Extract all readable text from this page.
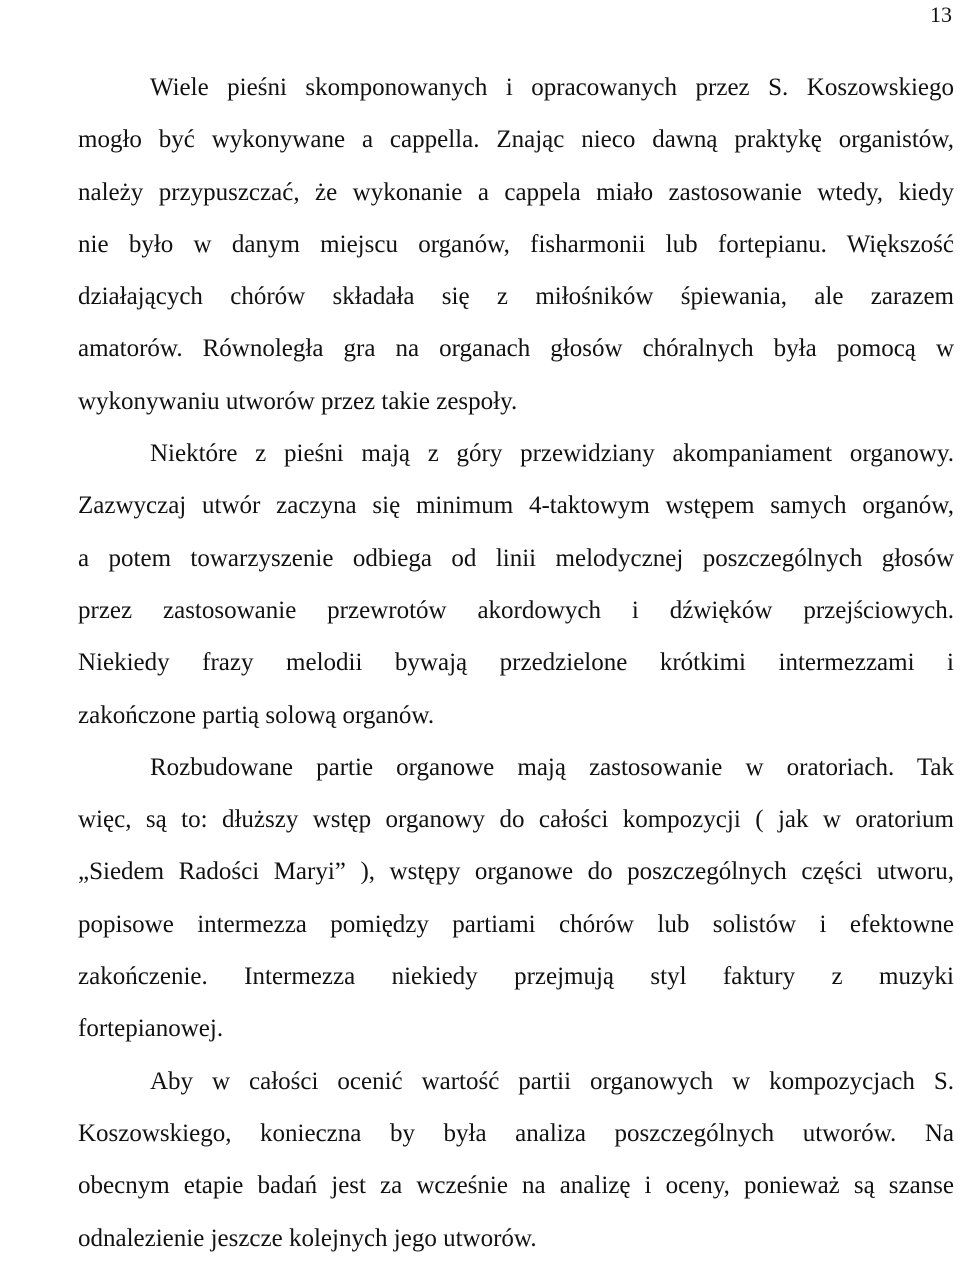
13

Wiele pieśni skomponowanych i opracowanych przez S. Koszowskiego
mogło być wykonywane a cappella. Znając nieco dawną praktykę organistów,
należy przypuszczać, że wykonanie a cappela miało zastosowanie wtedy, kiedy
nie było w danym miejscu organów, fisharmonii lub fortepianu. Większość
działających chórów składała się z miłośników śpiewania, ale zarazem
amatorów. Równoległa gra na organach głosów chóralnych była pomocą w
wykonywaniu utworów przez takie zespoły.

Niektóre z pieśni mają z góry przewidziany akompaniament organowy.
Zazwyczaj utwór zaczyna się minimum 4-taktowym wstępem samych organów,
a potem towarzyszenie odbiega od linii melodycznej poszczególnych głosów
przez zastosowanie przewrotów akordowych i dźwięków przejściowych.
Niekiedy frazy melodii bywają przedzielone krótkimi intermezzami i
zakończone partią solową organów.

Rozbudowane partie organowe mają zastosowanie w oratoriach. Tak
więc, są to: dłuższy wstęp organowy do całości kompozycji ( jak w oratorium
„Siedem Radości Maryi” ), wstępy organowe do poszczególnych części utworu,
popisowe intermezza pomiędzy partiami chórów lub solistów i efektowne
zakończenie. Intermezza niekiedy przejmują styl faktury z muzyki
fortepianowej.

Aby w całości ocenić wartość partii organowych w kompozycjach S.
Koszowskiego, konieczna by była analiza poszczególnych utworów. Na
obecnym etapie badań jest za wcześnie na analizę i oceny, ponieważ są szanse
odnalezienie jeszcze kolejnych jego utworów.
